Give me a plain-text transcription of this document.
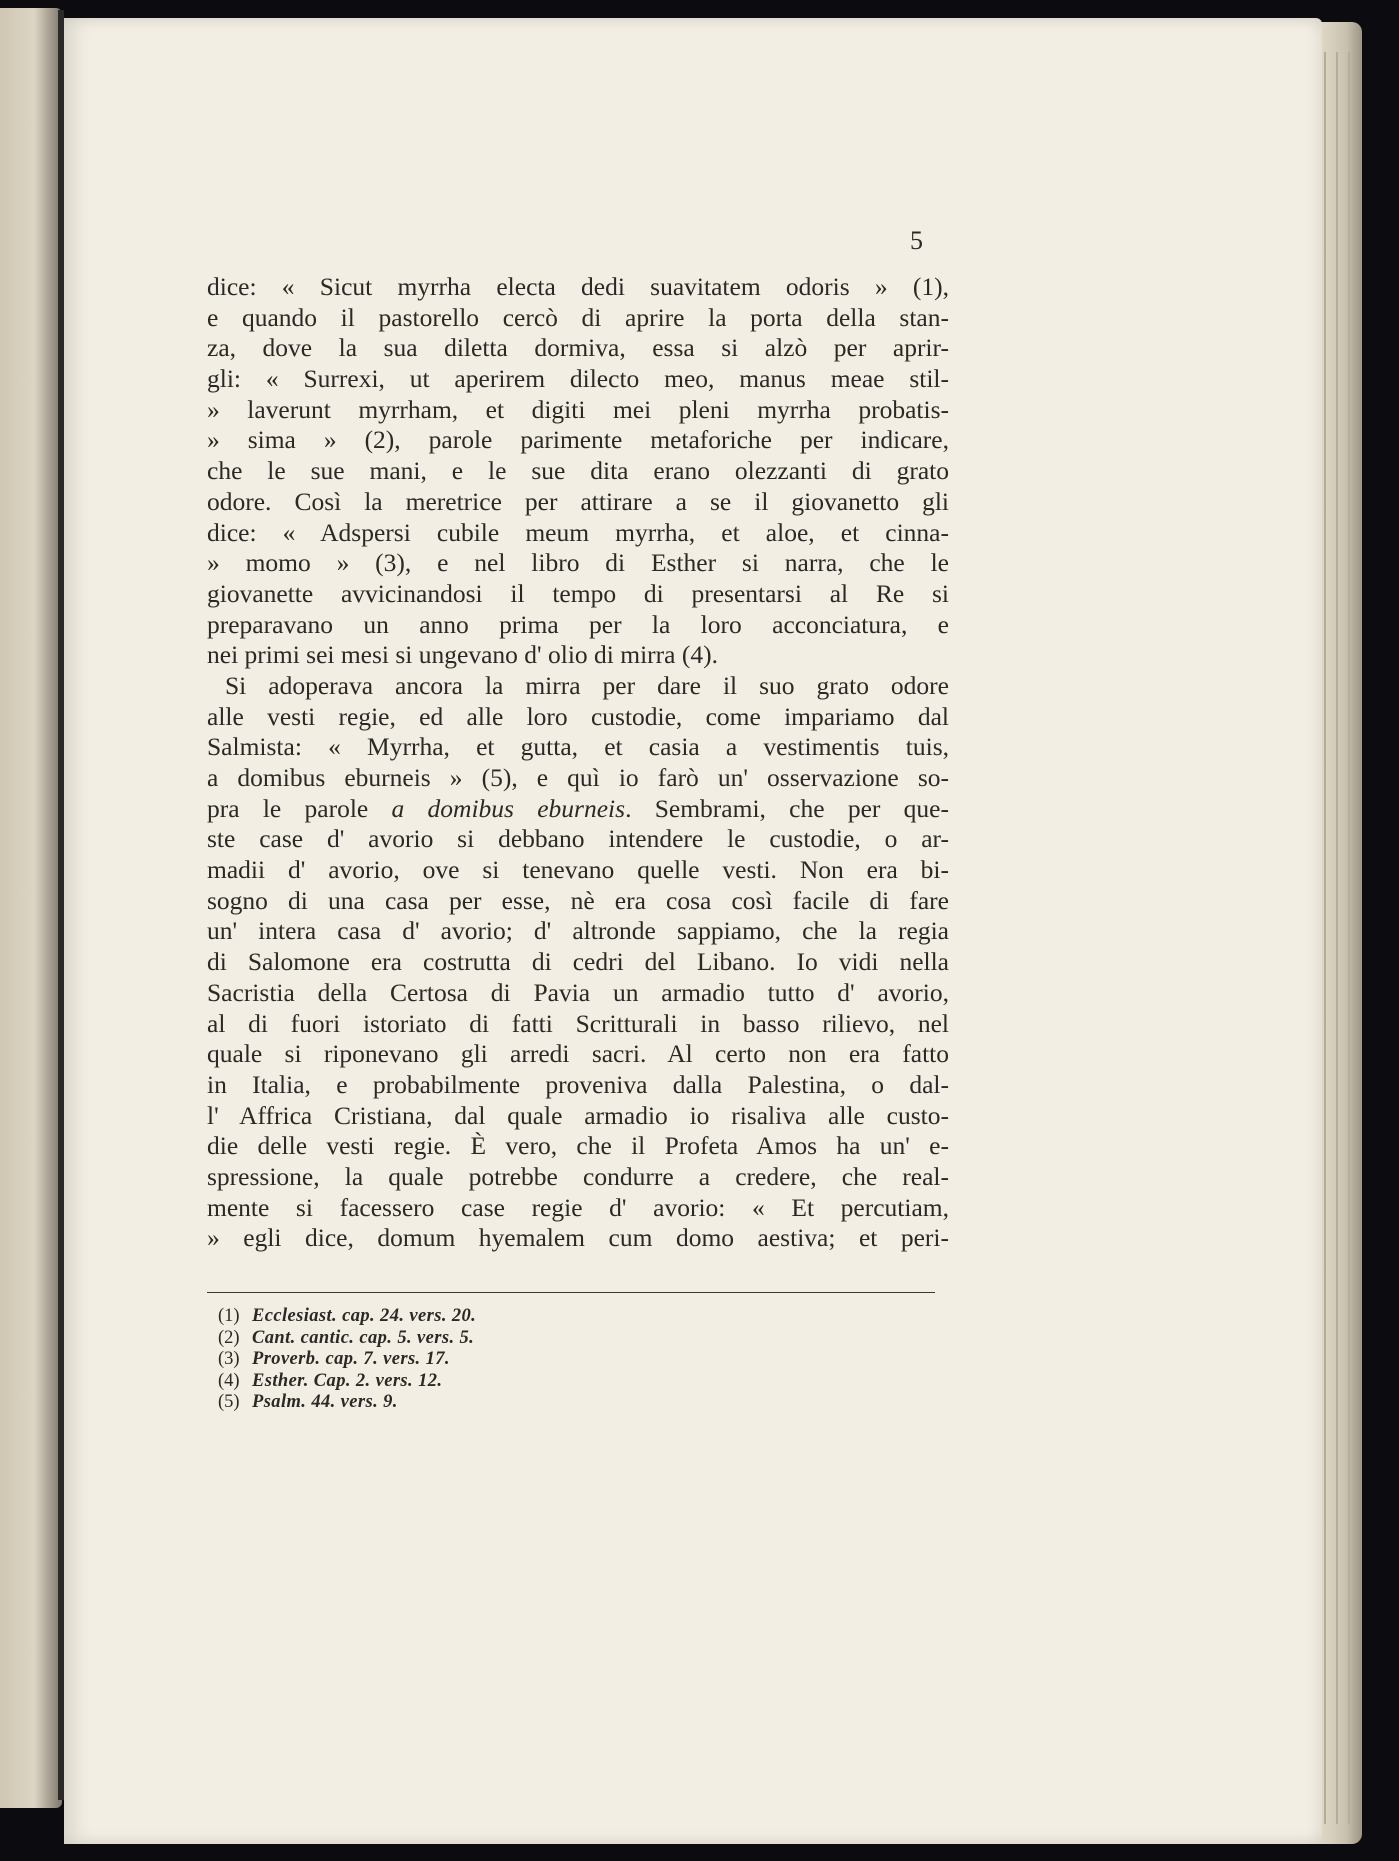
5
dice: « Sicut myrrha electa dedi suavitatem odoris » (1),
e quando il pastorello cercò di aprire la porta della stan-
za, dove la sua diletta dormiva, essa si alzò per aprir-
gli: « Surrexi, ut aperirem dilecto meo, manus meae stil-
» laverunt myrrham, et digiti mei pleni myrrha probatis-
» sima » (2), parole parimente metaforiche per indicare,
che le sue mani, e le sue dita erano olezzanti di grato
odore. Così la meretrice per attirare a se il giovanetto gli
dice: « Adspersi cubile meum myrrha, et aloe, et cinna-
» momo » (3), e nel libro di Esther si narra, che le
giovanette avvicinandosi il tempo di presentarsi al Re si
preparavano un anno prima per la loro acconciatura, e
nei primi sei mesi si ungevano d' olio di mirra (4).
Si adoperava ancora la mirra per dare il suo grato odore
alle vesti regie, ed alle loro custodie, come impariamo dal
Salmista: « Myrrha, et gutta, et casia a vestimentis tuis,
a domibus eburneis » (5), e quì io farò un' osservazione so-
pra le parole a domibus eburneis. Sembrami, che per que-
ste case d' avorio si debbano intendere le custodie, o ar-
madii d' avorio, ove si tenevano quelle vesti. Non era bi-
sogno di una casa per esse, nè era cosa così facile di fare
un' intera casa d' avorio; d' altronde sappiamo, che la regia
di Salomone era costrutta di cedri del Libano. Io vidi nella
Sacristia della Certosa di Pavia un armadio tutto d' avorio,
al di fuori istoriato di fatti Scritturali in basso rilievo, nel
quale si riponevano gli arredi sacri. Al certo non era fatto
in Italia, e probabilmente proveniva dalla Palestina, o dal-
l' Affrica Cristiana, dal quale armadio io risaliva alle custo-
die delle vesti regie. È vero, che il Profeta Amos ha un' e-
spressione, la quale potrebbe condurre a credere, che real-
mente si facessero case regie d' avorio: « Et percutiam,
» egli dice, domum hyemalem cum domo aestiva; et peri-
(1) Ecclesiast. cap. 24. vers. 20.
(2) Cant. cantic. cap. 5. vers. 5.
(3) Proverb. cap. 7. vers. 17.
(4) Esther. Cap. 2. vers. 12.
(5) Psalm. 44. vers. 9.
